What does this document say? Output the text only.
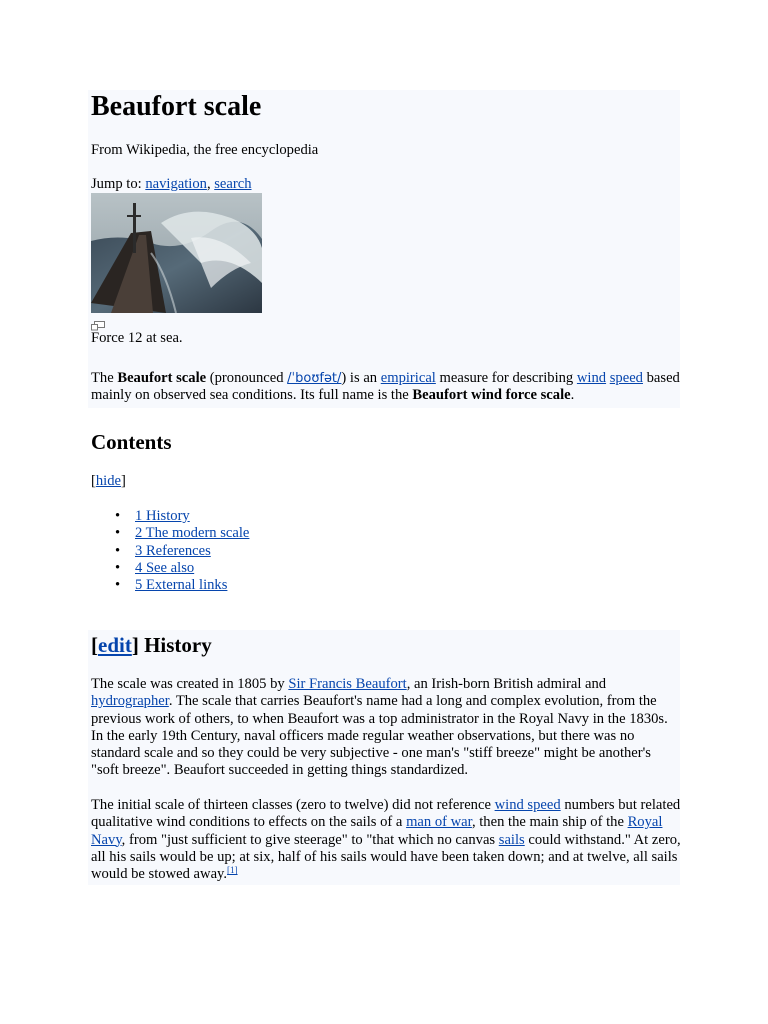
Beaufort scale

From Wikipedia, the free encyclopedia

Jump to: navigation, search

Force 12 at sea.

The Beaufort scale (pronounced /ˈboʊfət/) is an empirical measure for describing wind speed based mainly on observed sea conditions. Its full name is the Beaufort wind force scale.

Contents

[hide]

• 1 History
• 2 The modern scale
• 3 References
• 4 See also
• 5 External links
[edit] History

The scale was created in 1805 by Sir Francis Beaufort, an Irish-born British admiral and hydrographer. The scale that carries Beaufort's name had a long and complex evolution, from the previous work of others, to when Beaufort was a top administrator in the Royal Navy in the 1830s. In the early 19th Century, naval officers made regular weather observations, but there was no standard scale and so they could be very subjective - one man's "stiff breeze" might be another's "soft breeze". Beaufort succeeded in getting things standardized.

The initial scale of thirteen classes (zero to twelve) did not reference wind speed numbers but related qualitative wind conditions to effects on the sails of a man of war, then the main ship of the Royal Navy, from "just sufficient to give steerage" to "that which no canvas sails could withstand." At zero, all his sails would be up; at six, half of his sails would have been taken down; and at twelve, all sails would be stowed away.[1]
